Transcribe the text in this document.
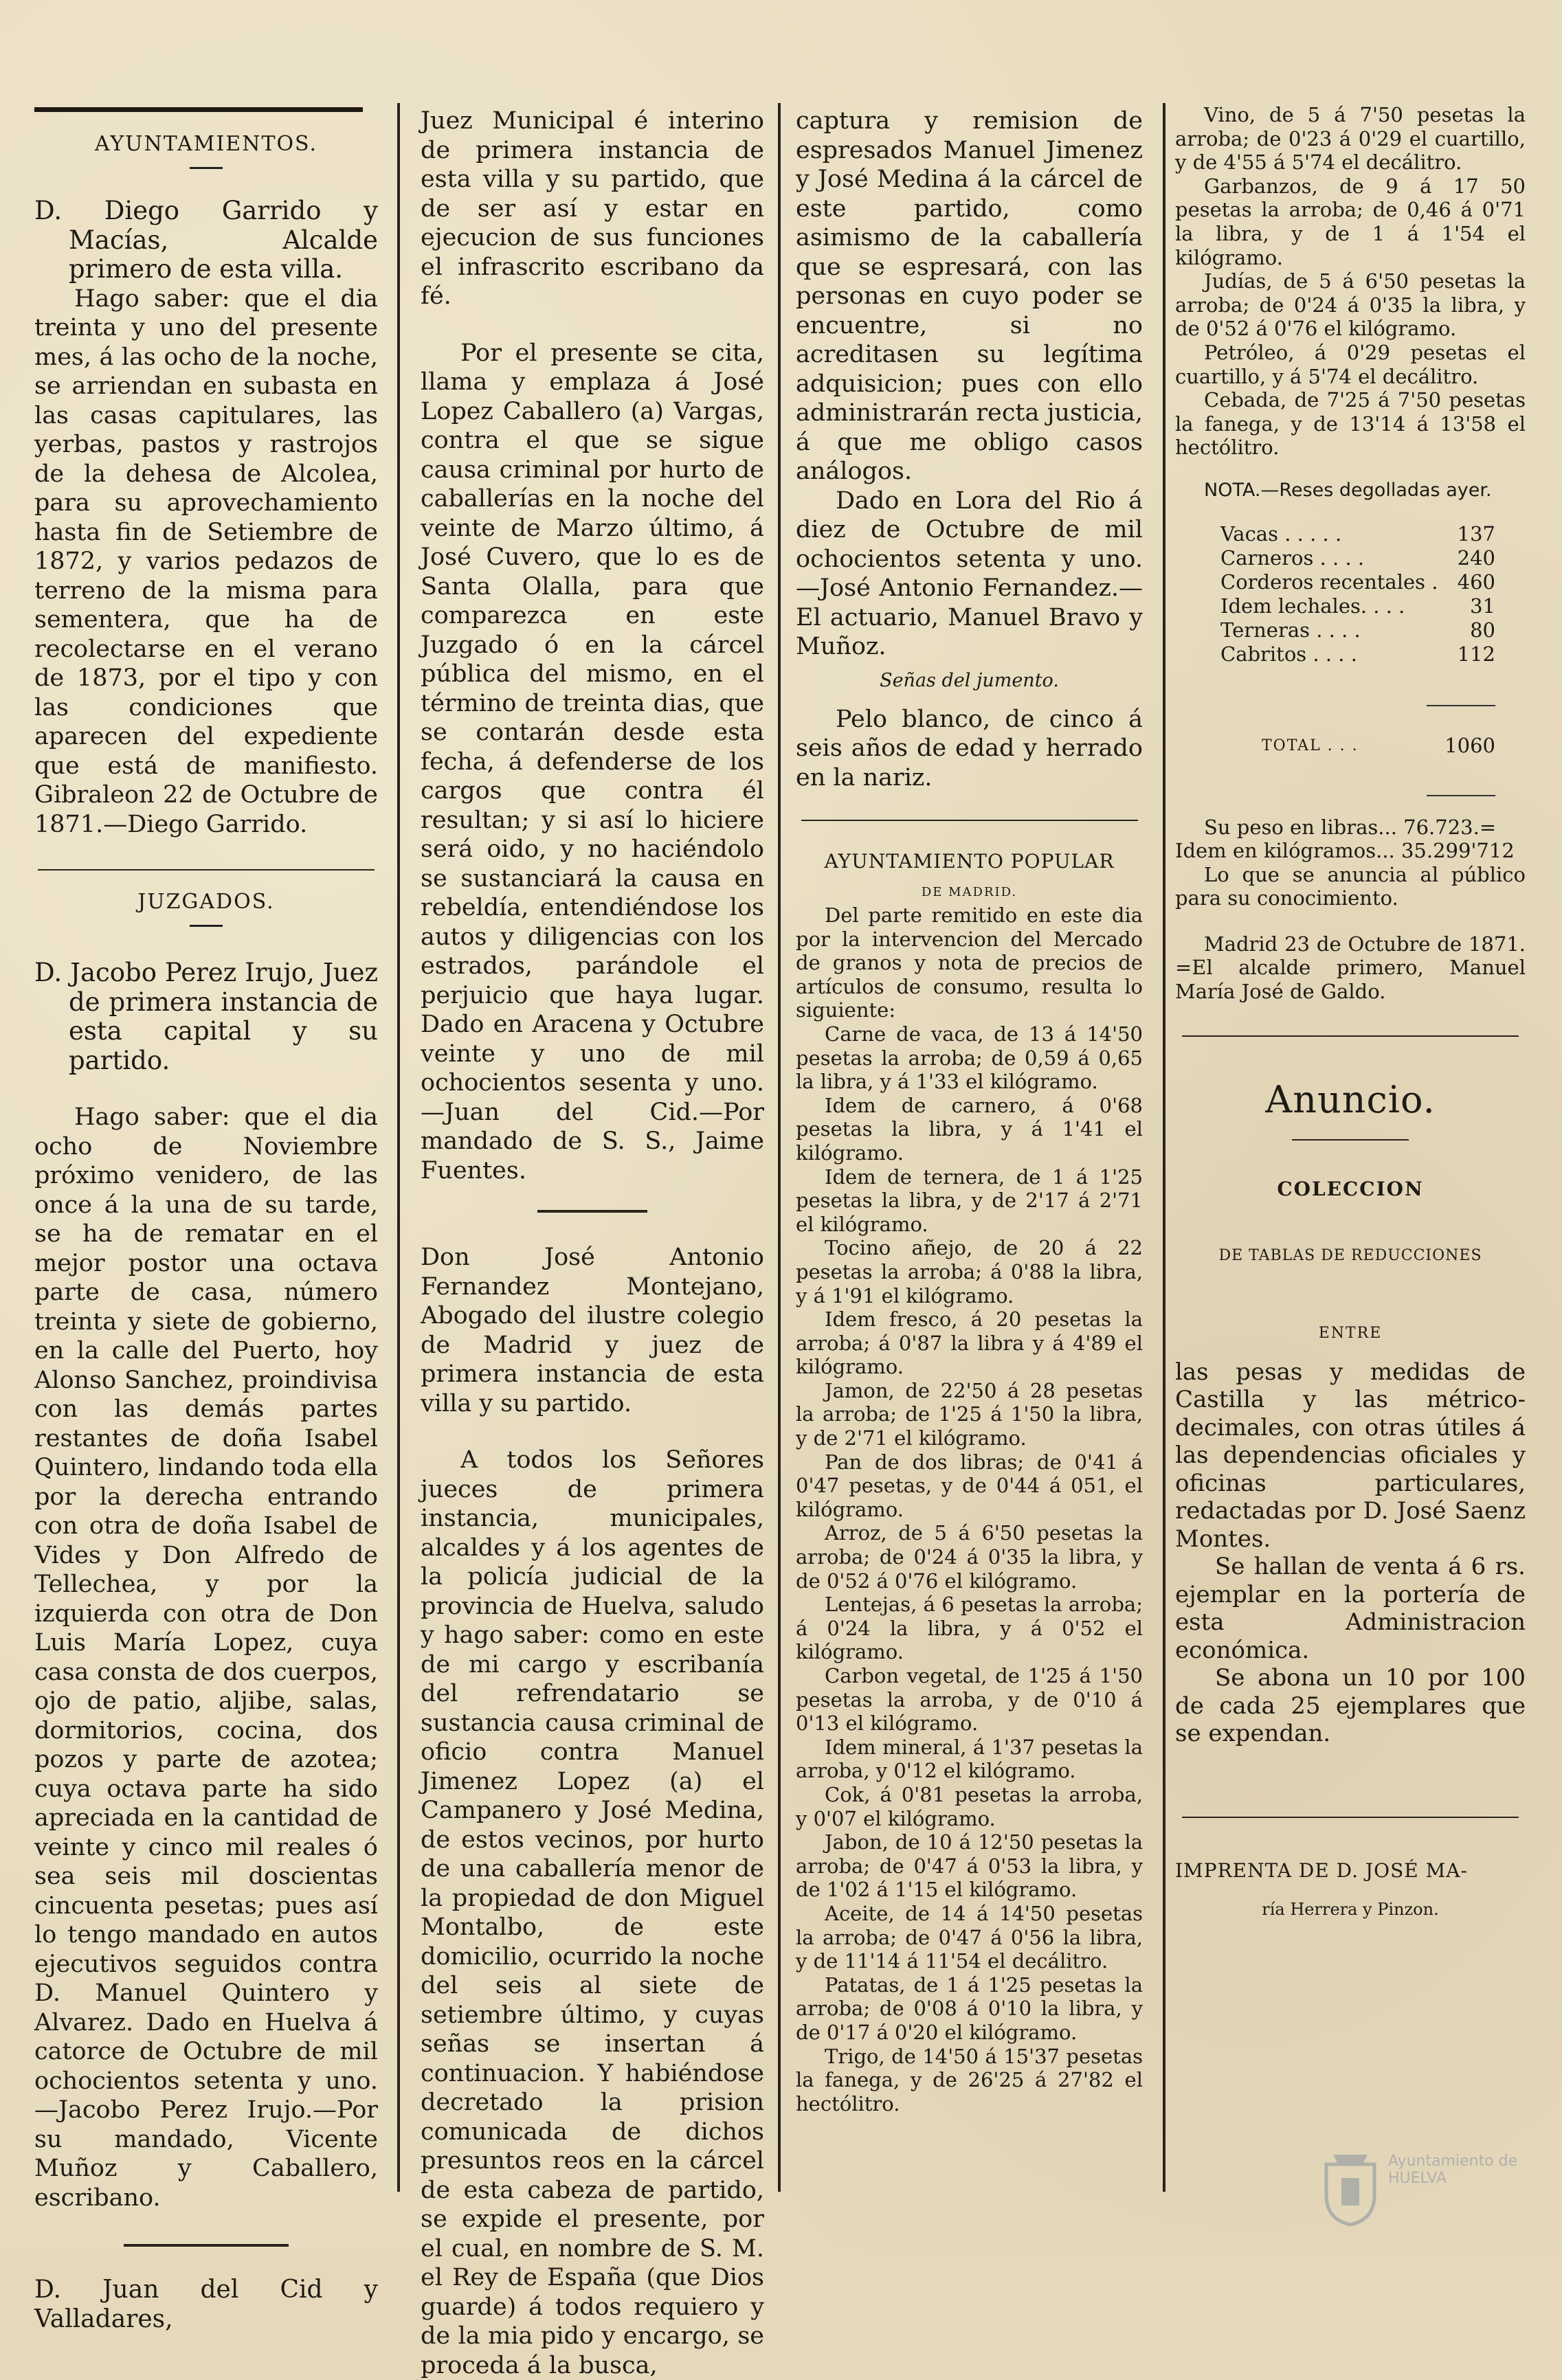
AYUNTAMIENTOS.

D. Diego Garrido y Macías, Alcalde primero de esta villa.

Hago saber: que el dia treinta y uno del presente mes, á las ocho de la noche, se arriendan en subasta en las casas capitulares, las yerbas, pastos y rastrojos de la dehesa de Alcolea, para su aprovechamiento hasta fin de Setiembre de 1872, y varios pedazos de terreno de la misma para sementera, que ha de recolectarse en el verano de 1873, por el tipo y con las condiciones que aparecen del expediente que está de manifiesto. Gibraleon 22 de Octubre de 1871.—Diego Garrido.

JUZGADOS.

D. Jacobo Perez Irujo, Juez de primera instancia de esta capital y su partido.

Hago saber: que el dia ocho de Noviembre próximo venidero, de las once á la una de su tarde, se ha de rematar en el mejor postor una octava parte de casa, número treinta y siete de gobierno, en la calle del Puerto, hoy Alonso Sanchez, proindivisa con las demás partes restantes de doña Isabel Quintero, lindando toda ella por la derecha entrando con otra de doña Isabel de Vides y Don Alfredo de Tellechea, y por la izquierda con otra de Don Luis María Lopez, cuya casa consta de dos cuerpos, ojo de patio, aljibe, salas, dormitorios, cocina, dos pozos y parte de azotea; cuya octava parte ha sido apreciada en la cantidad de veinte y cinco mil reales ó sea seis mil doscientas cincuenta pesetas; pues así lo tengo mandado en autos ejecutivos seguidos contra D. Manuel Quintero y Alvarez. Dado en Huelva á catorce de Octubre de mil ochocientos setenta y uno.—Jacobo Perez Irujo.—Por su mandado, Vicente Muñoz y Caballero, escribano.

D. Juan del Cid y Valladares,

Juez Municipal é interino de primera instancia de esta villa y su partido, que de ser así y estar en ejecucion de sus funciones el infrascrito escribano da fé.

Por el presente se cita, llama y emplaza á José Lopez Caballero (a) Vargas, contra el que se sigue causa criminal por hurto de caballerías en la noche del veinte de Marzo último, á José Cuvero, que lo es de Santa Olalla, para que comparezca en este Juzgado ó en la cárcel pública del mismo, en el término de treinta dias, que se contarán desde esta fecha, á defenderse de los cargos que contra él resultan; y si así lo hiciere será oido, y no haciéndolo se sustanciará la causa en rebeldía, entendiéndose los autos y diligencias con los estrados, parándole el perjuicio que haya lugar. Dado en Aracena y Octubre veinte y uno de mil ochocientos sesenta y uno.—Juan del Cid.—Por mandado de S. S., Jaime Fuentes.

Don José Antonio Fernandez Montejano, Abogado del ilustre colegio de Madrid y juez de primera instancia de esta villa y su partido.

A todos los Señores jueces de primera instancia, municipales, alcaldes y á los agentes de la policía judicial de la provincia de Huelva, saludo y hago saber: como en este de mi cargo y escribanía del refrendatario se sustancia causa criminal de oficio contra Manuel Jimenez Lopez (a) el Campanero y José Medina, de estos vecinos, por hurto de una caballería menor de la propiedad de don Miguel Montalbo, de este domicilio, ocurrido la noche del seis al siete de setiembre último, y cuyas señas se insertan á continuacion. Y habiéndose decretado la prision comunicada de dichos presuntos reos en la cárcel de esta cabeza de partido, se expide el presente, por el cual, en nombre de S. M. el Rey de España (que Dios guarde) á todos requiero y de la mia pido y encargo, se proceda á la busca,

captura y remision de espresados Manuel Jimenez y José Medina á la cárcel de este partido, como asimismo de la caballería que se espresará, con las personas en cuyo poder se encuentre, si no acreditasen su legítima adquisicion; pues con ello administrarán recta justicia, á que me obligo casos análogos.

Dado en Lora del Rio á diez de Octubre de mil ochocientos setenta y uno.—José Antonio Fernandez.—El actuario, Manuel Bravo y Muñoz.

Señas del jumento.

Pelo blanco, de cinco á seis años de edad y herrado en la nariz.

AYUNTAMIENTO POPULAR
DE MADRID.

Del parte remitido en este dia por la intervencion del Mercado de granos y nota de precios de artículos de consumo, resulta lo siguiente:

Carne de vaca, de 13 á 14'50 pesetas la arroba; de 0,59 á 0,65 la libra, y á 1'33 el kilógramo.

Idem de carnero, á 0'68 pesetas la libra, y á 1'41 el kilógramo.

Idem de ternera, de 1 á 1'25 pesetas la libra, y de 2'17 á 2'71 el kilógramo.

Tocino añejo, de 20 á 22 pesetas la arroba; á 0'88 la libra, y á 1'91 el kilógramo.

Idem fresco, á 20 pesetas la arroba; á 0'87 la libra y á 4'89 el kilógramo.

Jamon, de 22'50 á 28 pesetas la arroba; de 1'25 á 1'50 la libra, y de 2'71 el kilógramo.

Pan de dos libras; de 0'41 á 0'47 pesetas, y de 0'44 á 051, el kilógramo.

Arroz, de 5 á 6'50 pesetas la arroba; de 0'24 á 0'35 la libra, y de 0'52 á 0'76 el kilógramo.

Lentejas, á 6 pesetas la arroba; á 0'24 la libra, y á 0'52 el kilógramo.

Carbon vegetal, de 1'25 á 1'50 pesetas la arroba, y de 0'10 á 0'13 el kilógramo.

Idem mineral, á 1'37 pesetas la arroba, y 0'12 el kilógramo.

Cok, á 0'81 pesetas la arroba, y 0'07 el kilógramo.

Jabon, de 10 á 12'50 pesetas la arroba; de 0'47 á 0'53 la libra, y de 1'02 á 1'15 el kilógramo.

Aceite, de 14 á 14'50 pesetas la arroba; de 0'47 á 0'56 la libra, y de 11'14 á 11'54 el decálitro.

Patatas, de 1 á 1'25 pesetas la arroba; de 0'08 á 0'10 la libra, y de 0'17 á 0'20 el kilógramo.

Trigo, de 14'50 á 15'37 pesetas la fanega, y de 26'25 á 27'82 el hectólitro.

Vino, de 5 á 7'50 pesetas la arroba; de 0'23 á 0'29 el cuartillo, y de 4'55 á 5'74 el decálitro.

Garbanzos, de 9 á 17 50 pesetas la arroba; de 0,46 á 0'71 la libra, y de 1 á 1'54 el kilógramo.

Judías, de 5 á 6'50 pesetas la arroba; de 0'24 á 0'35 la libra, y de 0'52 á 0'76 el kilógramo.

Petróleo, á 0'29 pesetas el cuartillo, y á 5'74 el decálitro.

Cebada, de 7'25 á 7'50 pesetas la fanega, y de 13'14 á 13'58 el hectólitro.

NOTA.—Reses degolladas ayer.

Vacas . . . . .	137
Carneros . . . .	240
Corderos recentales . 460
Idem lechales. . . .	31
Terneras . . . .	80
Cabritos . . . .	112
TOTAL . . .	1060

Su peso en libras... 76.723.=

Idem en kilógramos... 35.299'712

Lo que se anuncia al público para su conocimiento.

Madrid 23 de Octubre de 1871. =El alcalde primero, Manuel María José de Galdo.

Anuncio.
COLECCION
DE TABLAS DE REDUCCIONES
ENTRE

las pesas y medidas de Castilla y las métrico-decimales, con otras útiles á las dependencias oficiales y oficinas particulares, redactadas por D. José Saenz Montes.

Se hallan de venta á 6 rs. ejemplar en la portería de esta Administracion económica.

Se abona un 10 por 100 de cada 25 ejemplares que se expendan.

IMPRENTA DE D. JOSÉ MA-
ría Herrera y Pinzon.
Ayuntamiento de HUELVA
